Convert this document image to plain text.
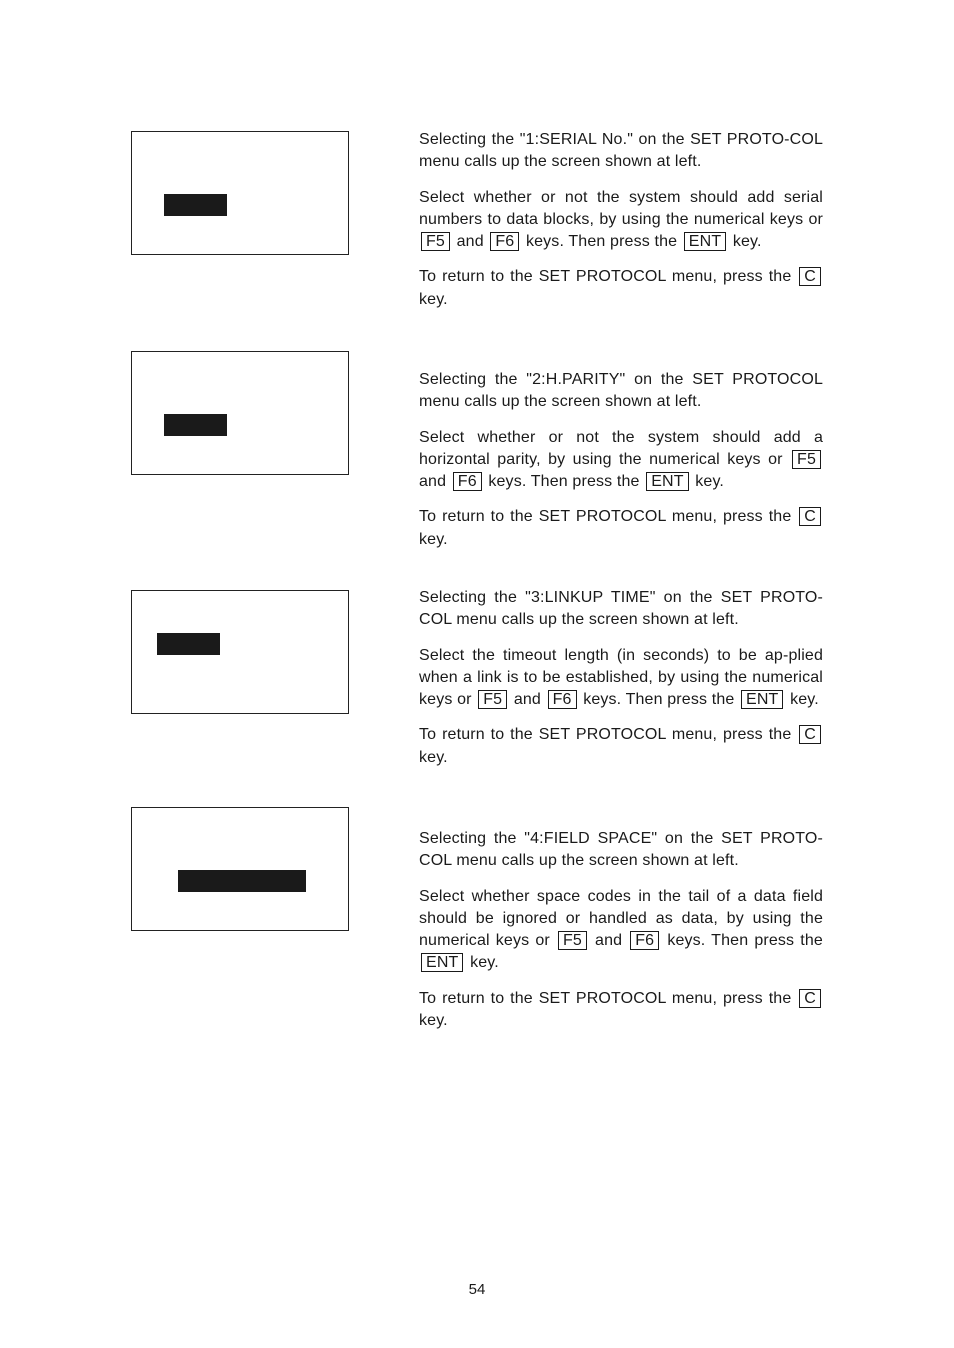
Selecting the "1:SERIAL No." on the SET PROTO-COL menu calls up the screen shown at left.

Select whether or not the system should add serial numbers to data blocks, by using the numerical keys or F5 and F6 keys. Then press the ENT key.

To return to the SET PROTOCOL menu, press the C key.

Selecting the "2:H.PARITY" on the SET PROTOCOL menu calls up the screen shown at left.

Select whether or not the system should add a horizontal parity, by using the numerical keys or F5 and F6 keys. Then press the ENT key.

To return to the SET PROTOCOL menu, press the C key.

Selecting the "3:LINKUP TIME" on the SET PROTO-COL menu calls up the screen shown at left.

Select the timeout length (in seconds) to be ap-plied when a link is to be established, by using the numerical keys or F5 and F6 keys. Then press the ENT key.

To return to the SET PROTOCOL menu, press the C key.

Selecting the "4:FIELD SPACE" on the SET PROTO-COL menu calls up the screen shown at left.

Select whether space codes in the tail of a data field should be ignored or handled as data, by using the numerical keys or F5 and F6 keys. Then press the ENT key.

To return to the SET PROTOCOL menu, press the C key.

54
